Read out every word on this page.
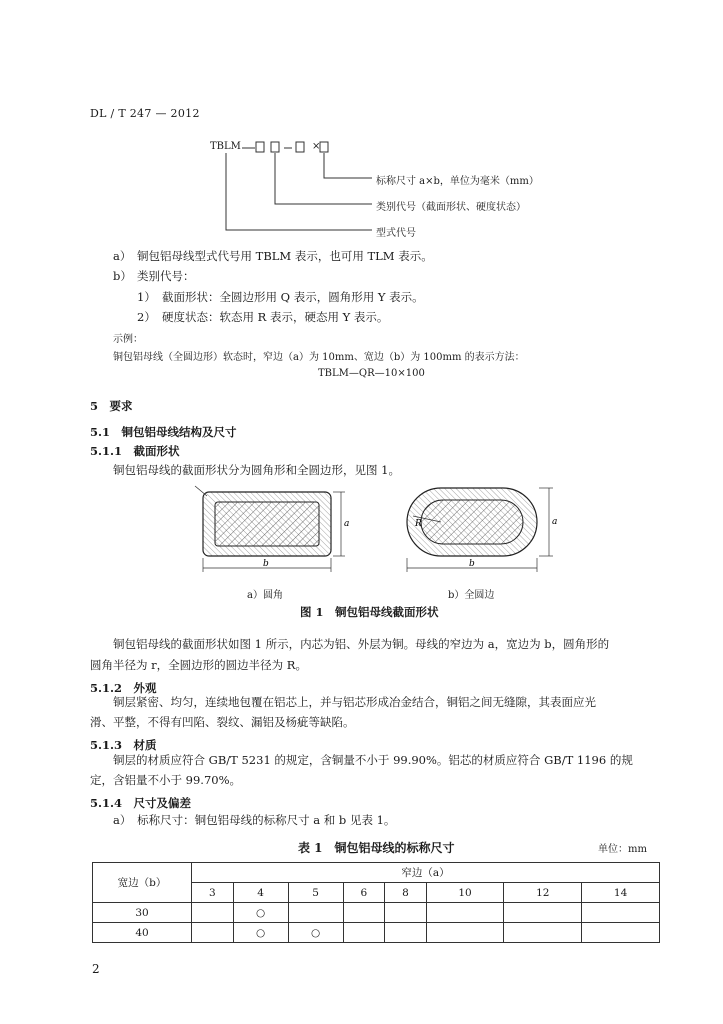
DL / T 247 — 2012
TBLM	×
标称尺寸 a×b，单位为毫米（mm）
类别代号（截面形状、硬度状态）
型式代号
a） 铜包铝母线型式代号用 TBLM 表示，也可用 TLM 表示。
b） 类别代号：
1） 截面形状：全圆边形用 Q 表示，圆角形用 Y 表示。
2） 硬度状态：软态用 R 表示，硬态用 Y 表示。
示例：
铜包铝母线（全圆边形）软态时，窄边（a）为 10mm、宽边（b）为 100mm 的表示方法：
TBLM—QR—10×100
5　要求
5.1　铜包铝母线结构及尺寸
5.1.1　截面形状
铜包铝母线的截面形状分为圆角形和全圆边形，见图 1。
b
a
b
a
R
a）圆角	b）全圆边
图 1　铜包铝母线截面形状
铜包铝母线的截面形状如图 1 所示，内芯为铝、外层为铜。母线的窄边为 a，宽边为 b，圆角形的
圆角半径为 r，全圆边形的圆边半径为 R。
5.1.2　外观
铜层紧密、均匀，连续地包覆在铝芯上，并与铝芯形成冶金结合，铜铝之间无缝隙，其表面应光
滑、平整，不得有凹陷、裂纹、漏铝及杨疵等缺陷。
5.1.3　材质
铜层的材质应符合 GB/T 5231 的规定，含铜量不小于 99.90%。铝芯的材质应符合 GB/T 1196 的规
定，含铝量不小于 99.70%。
5.1.4　尺寸及偏差
a）　标称尺寸：铜包铝母线的标称尺寸 a 和 b 见表 1。
表 1　铜包铝母线的标称尺寸	单位：mm
宽边（b）	窄边（a）							
	3	4	5	6	8	10	12	14
30		○						
40		○	○					
2
